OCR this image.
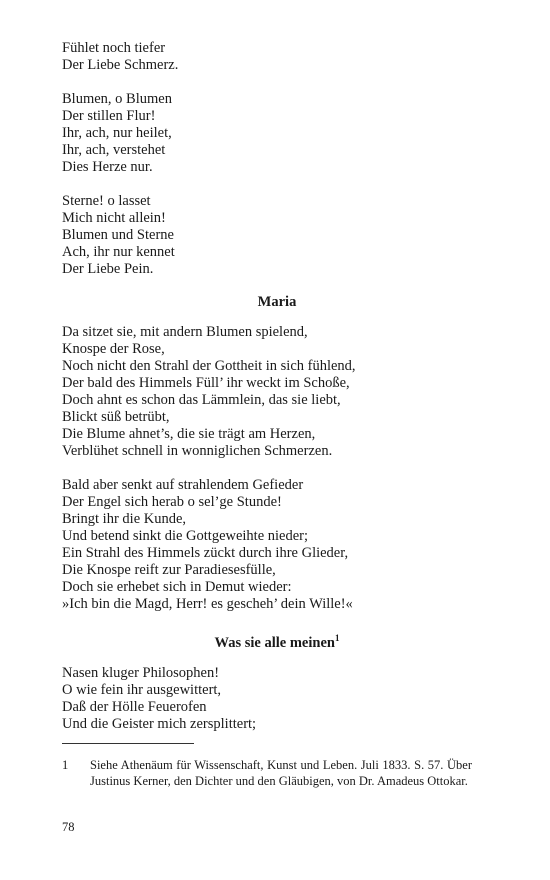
Fühlet noch tiefer
Der Liebe Schmerz.
Blumen, o Blumen
Der stillen Flur!
Ihr, ach, nur heilet,
Ihr, ach, verstehet
Dies Herze nur.
Sterne! o lasset
Mich nicht allein!
Blumen und Sterne
Ach, ihr nur kennet
Der Liebe Pein.
Maria
Da sitzet sie, mit andern Blumen spielend,
Knospe der Rose,
Noch nicht den Strahl der Gottheit in sich fühlend,
Der bald des Himmels Füll’ ihr weckt im Schoße,
Doch ahnt es schon das Lämmlein, das sie liebt,
Blickt süß betrübt,
Die Blume ahnet’s, die sie trägt am Herzen,
Verblühet schnell in wonniglichen Schmerzen.
Bald aber senkt auf strahlendem Gefieder
Der Engel sich herab o sel’ge Stunde!
Bringt ihr die Kunde,
Und betend sinkt die Gottgeweihte nieder;
Ein Strahl des Himmels zückt durch ihre Glieder,
Die Knospe reift zur Paradiesesfülle,
Doch sie erhebet sich in Demut wieder:
»Ich bin die Magd, Herr! es gescheh’ dein Wille!«
Was sie alle meinen$^1$
Nasen kluger Philosophen!
O wie fein ihr ausgewittert,
Daß der Hölle Feuerofen
Und die Geister mich zersplittert;
1 Siehe Athenäum für Wissenschaft, Kunst und Leben. Juli 1833. S. 57. Über Justinus Kerner, den Dichter und den Gläubigen, von Dr. Amadeus Ottokar.
78
